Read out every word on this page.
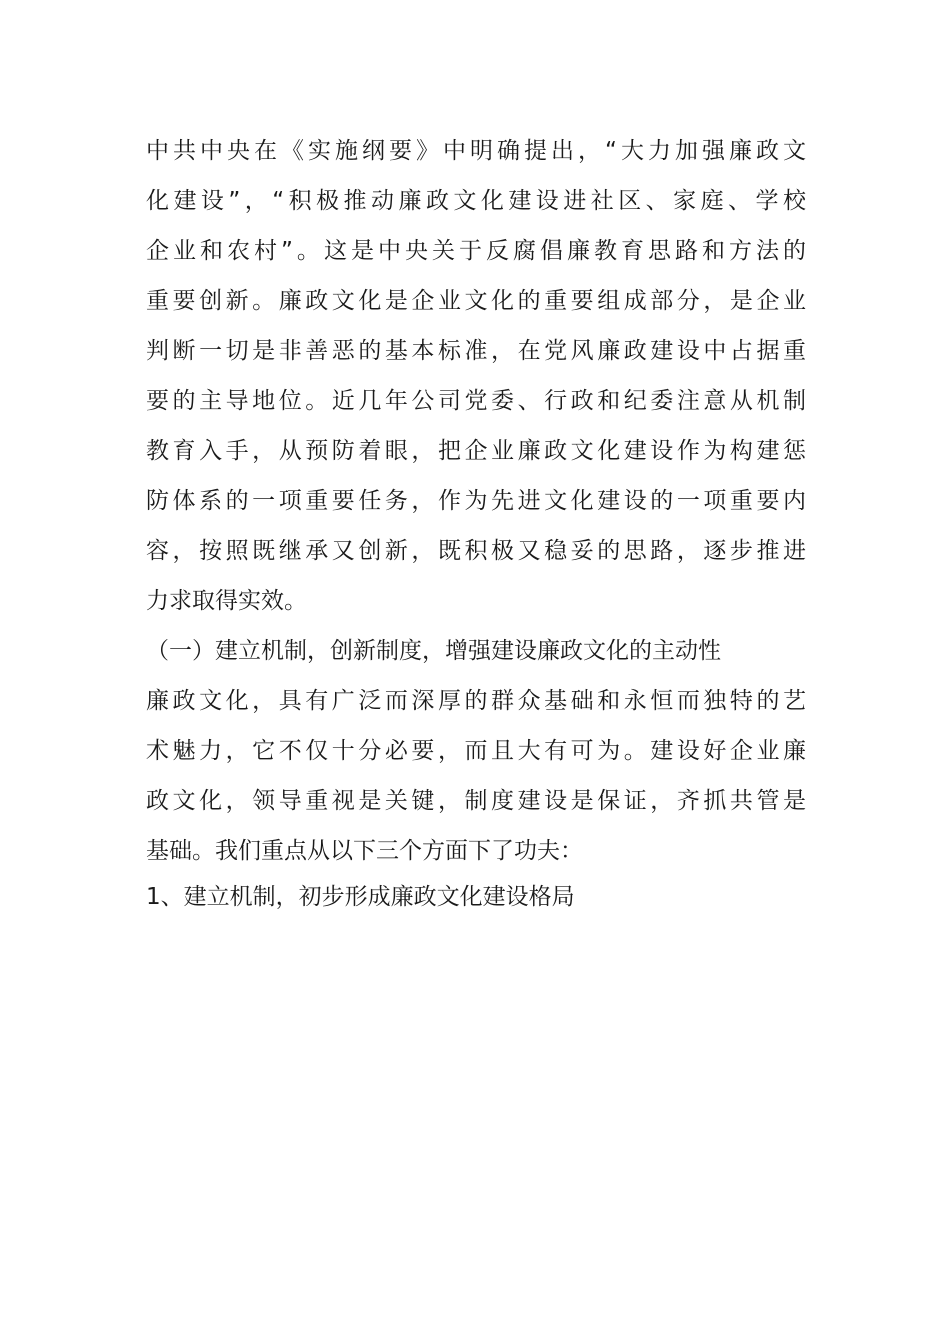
中共中央在《实施纲要》中明确提出，“大力加强廉政文
化建设”，“积极推动廉政文化建设进社区、家庭、学校
企业和农村”。这是中央关于反腐倡廉教育思路和方法的
重要创新。廉政文化是企业文化的重要组成部分，是企业
判断一切是非善恶的基本标准，在党风廉政建设中占据重
要的主导地位。近几年公司党委、行政和纪委注意从机制
教育入手，从预防着眼，把企业廉政文化建设作为构建惩
防体系的一项重要任务，作为先进文化建设的一项重要内
容，按照既继承又创新，既积极又稳妥的思路，逐步推进
力求取得实效。
（一）建立机制，创新制度，增强建设廉政文化的主动性
廉政文化，具有广泛而深厚的群众基础和永恒而独特的艺
术魅力，它不仅十分必要，而且大有可为。建设好企业廉
政文化，领导重视是关键，制度建设是保证，齐抓共管是
基础。我们重点从以下三个方面下了功夫：
1、建立机制，初步形成廉政文化建设格局
